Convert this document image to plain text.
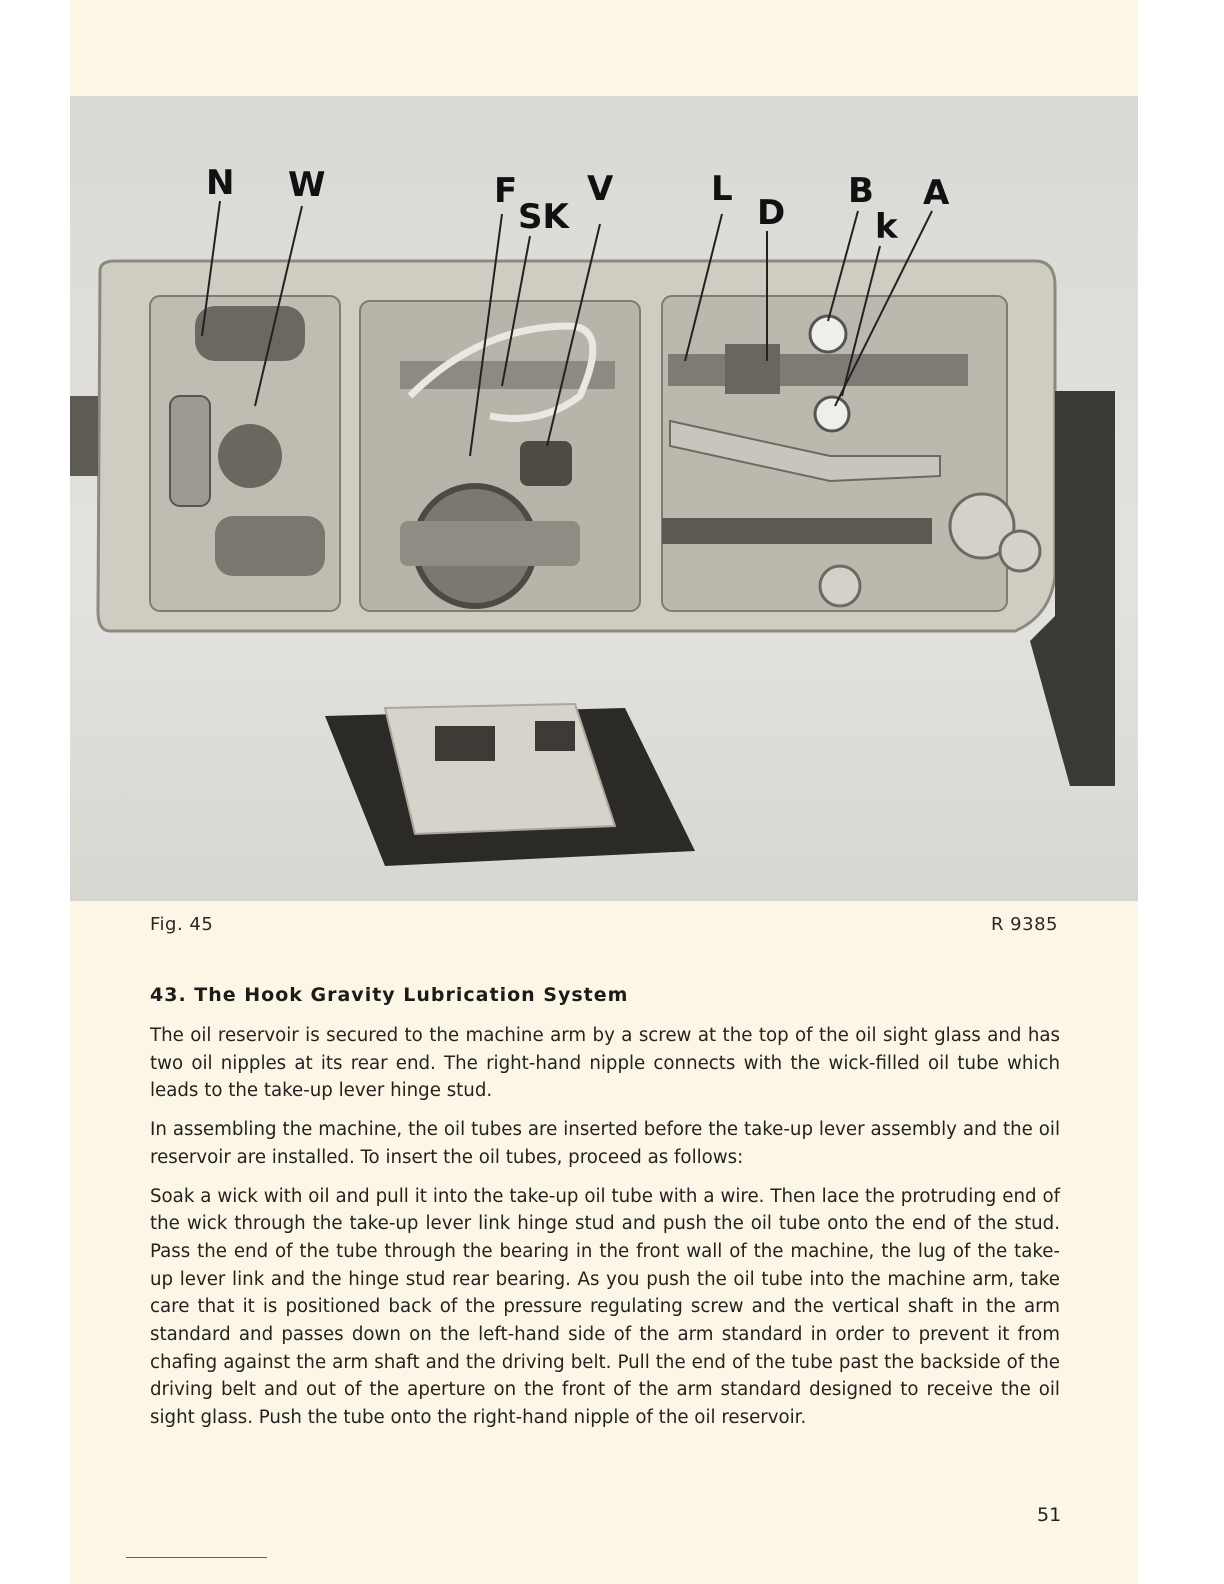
N W	F
SK
V	L
D
B
k
A
Fig. 45	R 9385
43. The Hook Gravity Lubrication System

The oil reservoir is secured to the machine arm by a screw at the top of the oil sight glass and has two oil nipples at its rear end. The right-hand nipple connects with the wick-filled oil tube which leads to the take-up lever hinge stud.

In assembling the machine, the oil tubes are inserted before the take-up lever assembly and the oil reservoir are installed. To insert the oil tubes, proceed as follows:

Soak a wick with oil and pull it into the take-up oil tube with a wire. Then lace the protruding end of the wick through the take-up lever link hinge stud and push the oil tube onto the end of the stud. Pass the end of the tube through the bearing in the front wall of the machine, the lug of the take-up lever link and the hinge stud rear bearing. As you push the oil tube into the machine arm, take care that it is positioned back of the pressure regulating screw and the vertical shaft in the arm standard and passes down on the left-hand side of the arm standard in order to prevent it from chafing against the arm shaft and the driving belt. Pull the end of the tube past the backside of the driving belt and out of the aperture on the front of the arm standard designed to receive the oil sight glass. Push the tube onto the right-hand nipple of the oil reservoir.

51
